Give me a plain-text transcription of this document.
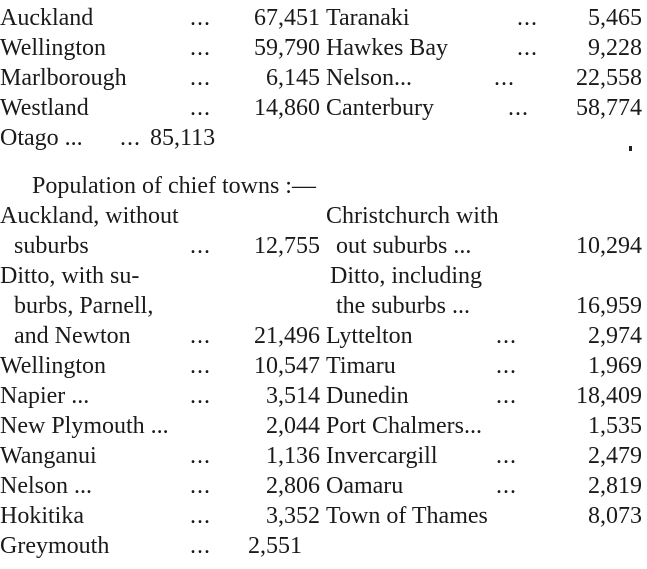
Auckland	...	67,451
Wellington	...	59,790
Marlborough	...	6,145
Westland	...	14,860
Otago ... ... 85,113
Taranaki	...	5,465
Hawkes Bay	...	9,228
Nelson...	...	22,558
Canterbury	...	58,774
Population of chief towns :—
Auckland, without
suburbs	...	12,755
Ditto, with su-
burbs, Parnell,
and Newton ...	21,496
Wellington	...	10,547
Napier ...	...	3,514
New Plymouth ...	2,044
Wanganui	...	1,136
Nelson ...	...	2,806
Hokitika	...	3,352
Greymouth	... 2,551
Christchurch with
out suburbs ...	10,294
Ditto, including
the suburbs ...	16,959
Lyttelton	...	2,974
Timaru	...	1,969
Dunedin	...	18,409
Port Chalmers...	1,535
Invercargill ...	2,479
Oamaru	...	2,819
Town of Thames	8,073
